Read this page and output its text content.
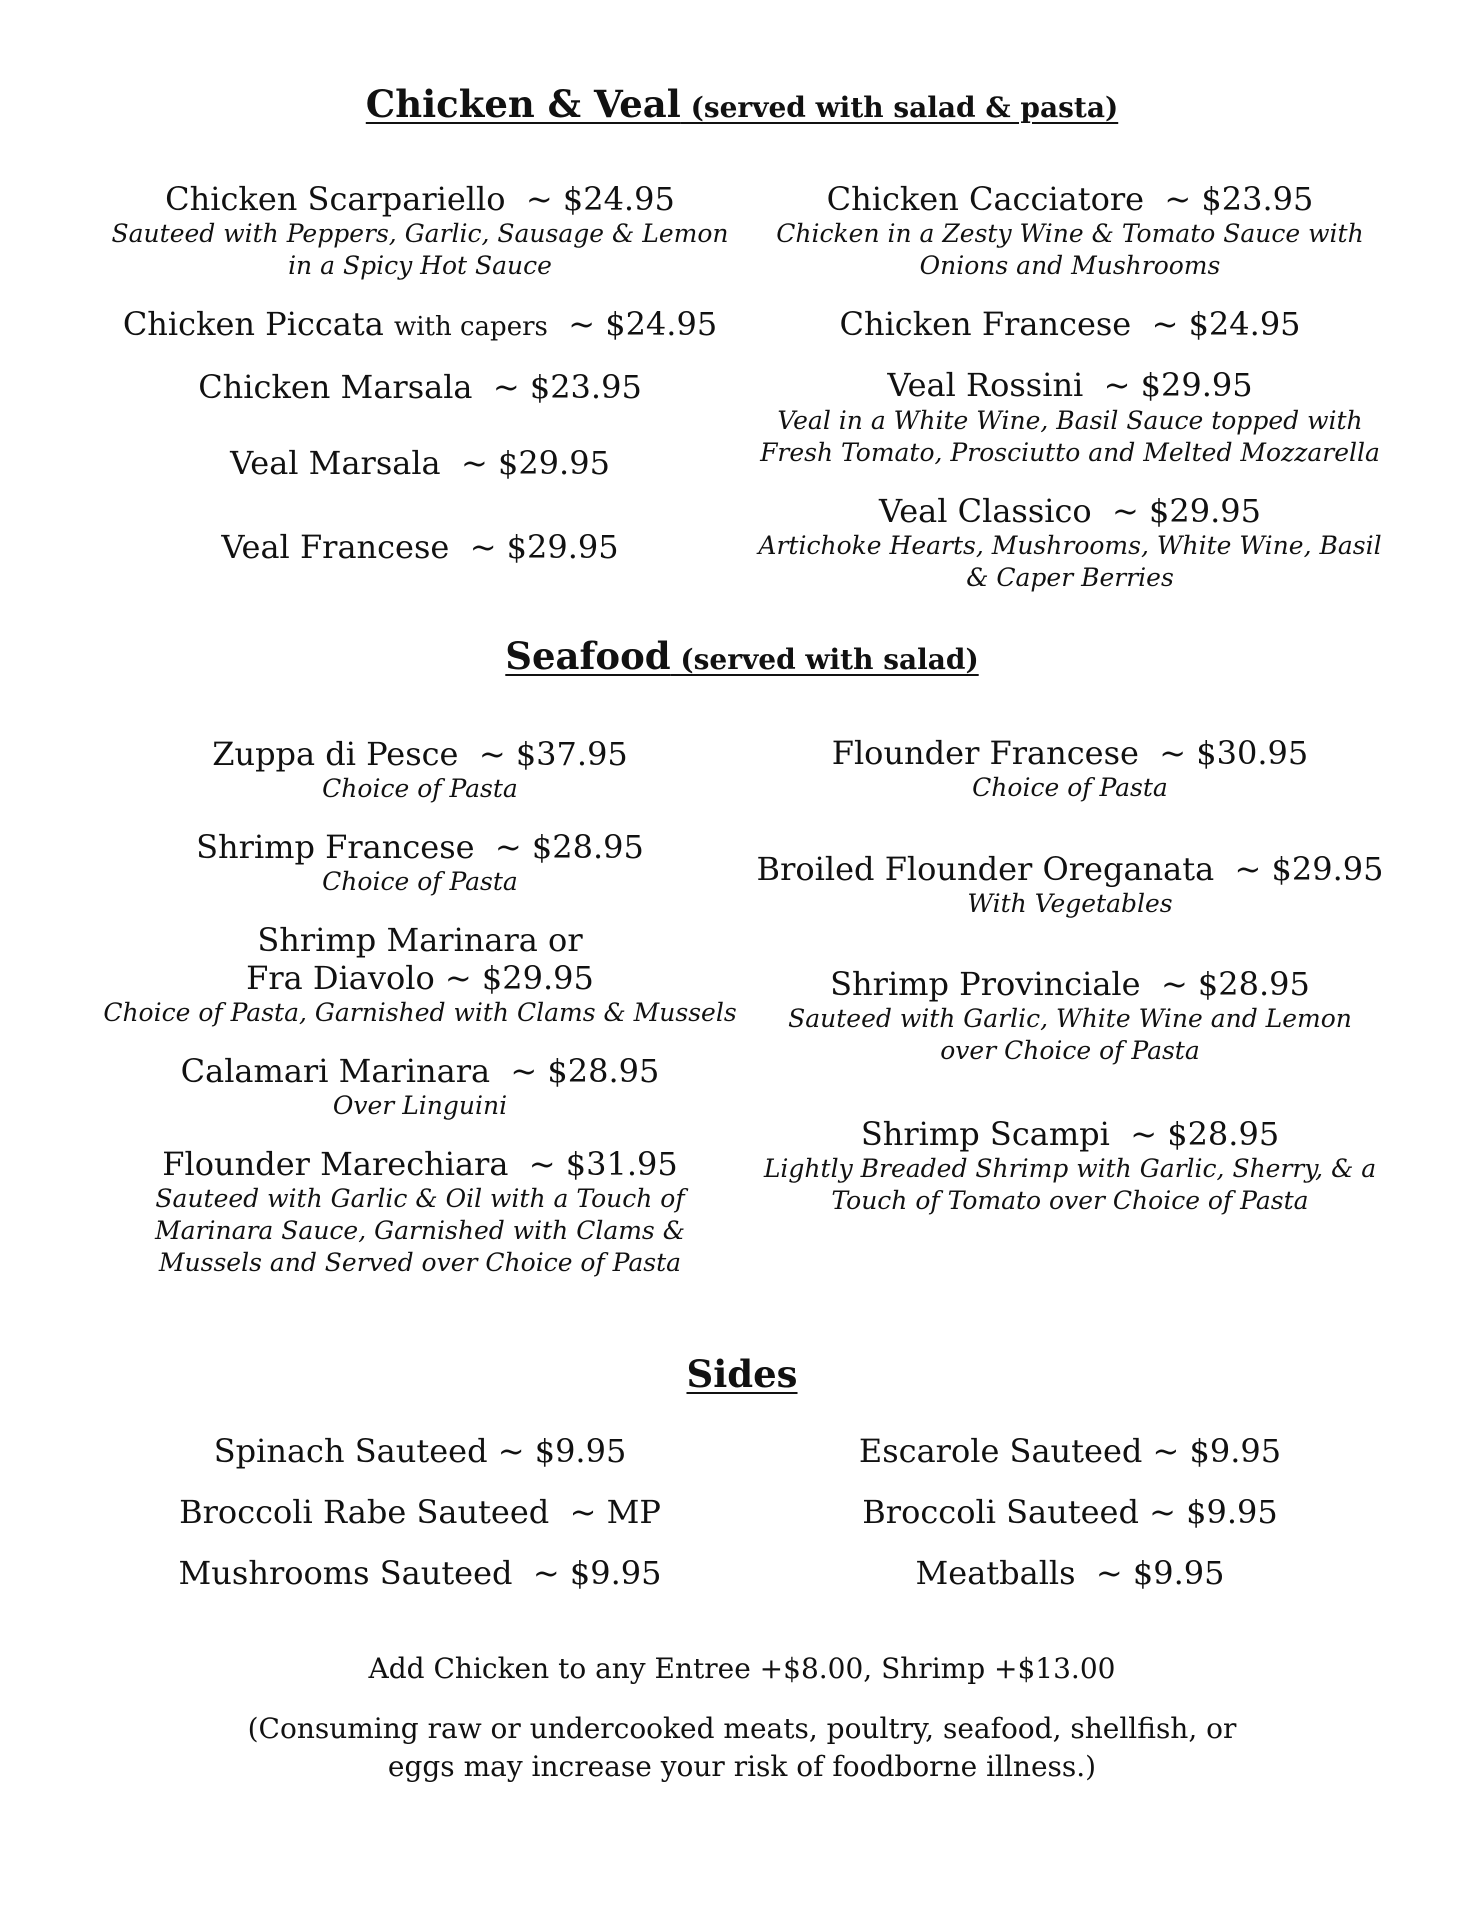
Chicken & Veal (served with salad & pasta)
Chicken Scarpariello ~ $24.95
Sauteed with Peppers, Garlic, Sausage & Lemon in a Spicy Hot Sauce
Chicken Piccata with capers ~ $24.95
Chicken Marsala ~ $23.95
Veal Marsala ~ $29.95
Veal Francese ~ $29.95
Chicken Cacciatore ~ $23.95
Chicken in a Zesty Wine & Tomato Sauce with Onions and Mushrooms
Chicken Francese ~ $24.95
Veal Rossini ~ $29.95
Veal in a White Wine, Basil Sauce topped with Fresh Tomato, Prosciutto and Melted Mozzarella
Veal Classico ~ $29.95
Artichoke Hearts, Mushrooms, White Wine, Basil & Caper Berries
Seafood (served with salad)
Zuppa di Pesce ~ $37.95
Choice of Pasta
Shrimp Francese ~ $28.95
Choice of Pasta
Shrimp Marinara or
Fra Diavolo ~ $29.95
Choice of Pasta, Garnished with Clams & Mussels
Calamari Marinara ~ $28.95
Over Linguini
Flounder Marechiara ~ $31.95
Sauteed with Garlic & Oil with a Touch of Marinara Sauce, Garnished with Clams & Mussels and Served over Choice of Pasta
Flounder Francese ~ $30.95
Choice of Pasta
Broiled Flounder Oreganata ~ $29.95
With Vegetables
Shrimp Provinciale ~ $28.95
Sauteed with Garlic, White Wine and Lemon over Choice of Pasta
Shrimp Scampi ~ $28.95
Lightly Breaded Shrimp with Garlic, Sherry, & a Touch of Tomato over Choice of Pasta
Sides
Spinach Sauteed ~ $9.95
Broccoli Rabe Sauteed ~ MP
Mushrooms Sauteed ~ $9.95
Escarole Sauteed ~ $9.95
Broccoli Sauteed ~ $9.95
Meatballs ~ $9.95
Add Chicken to any Entree +$8.00, Shrimp +$13.00
(Consuming raw or undercooked meats, poultry, seafood, shellfish, or eggs may increase your risk of foodborne illness.)
